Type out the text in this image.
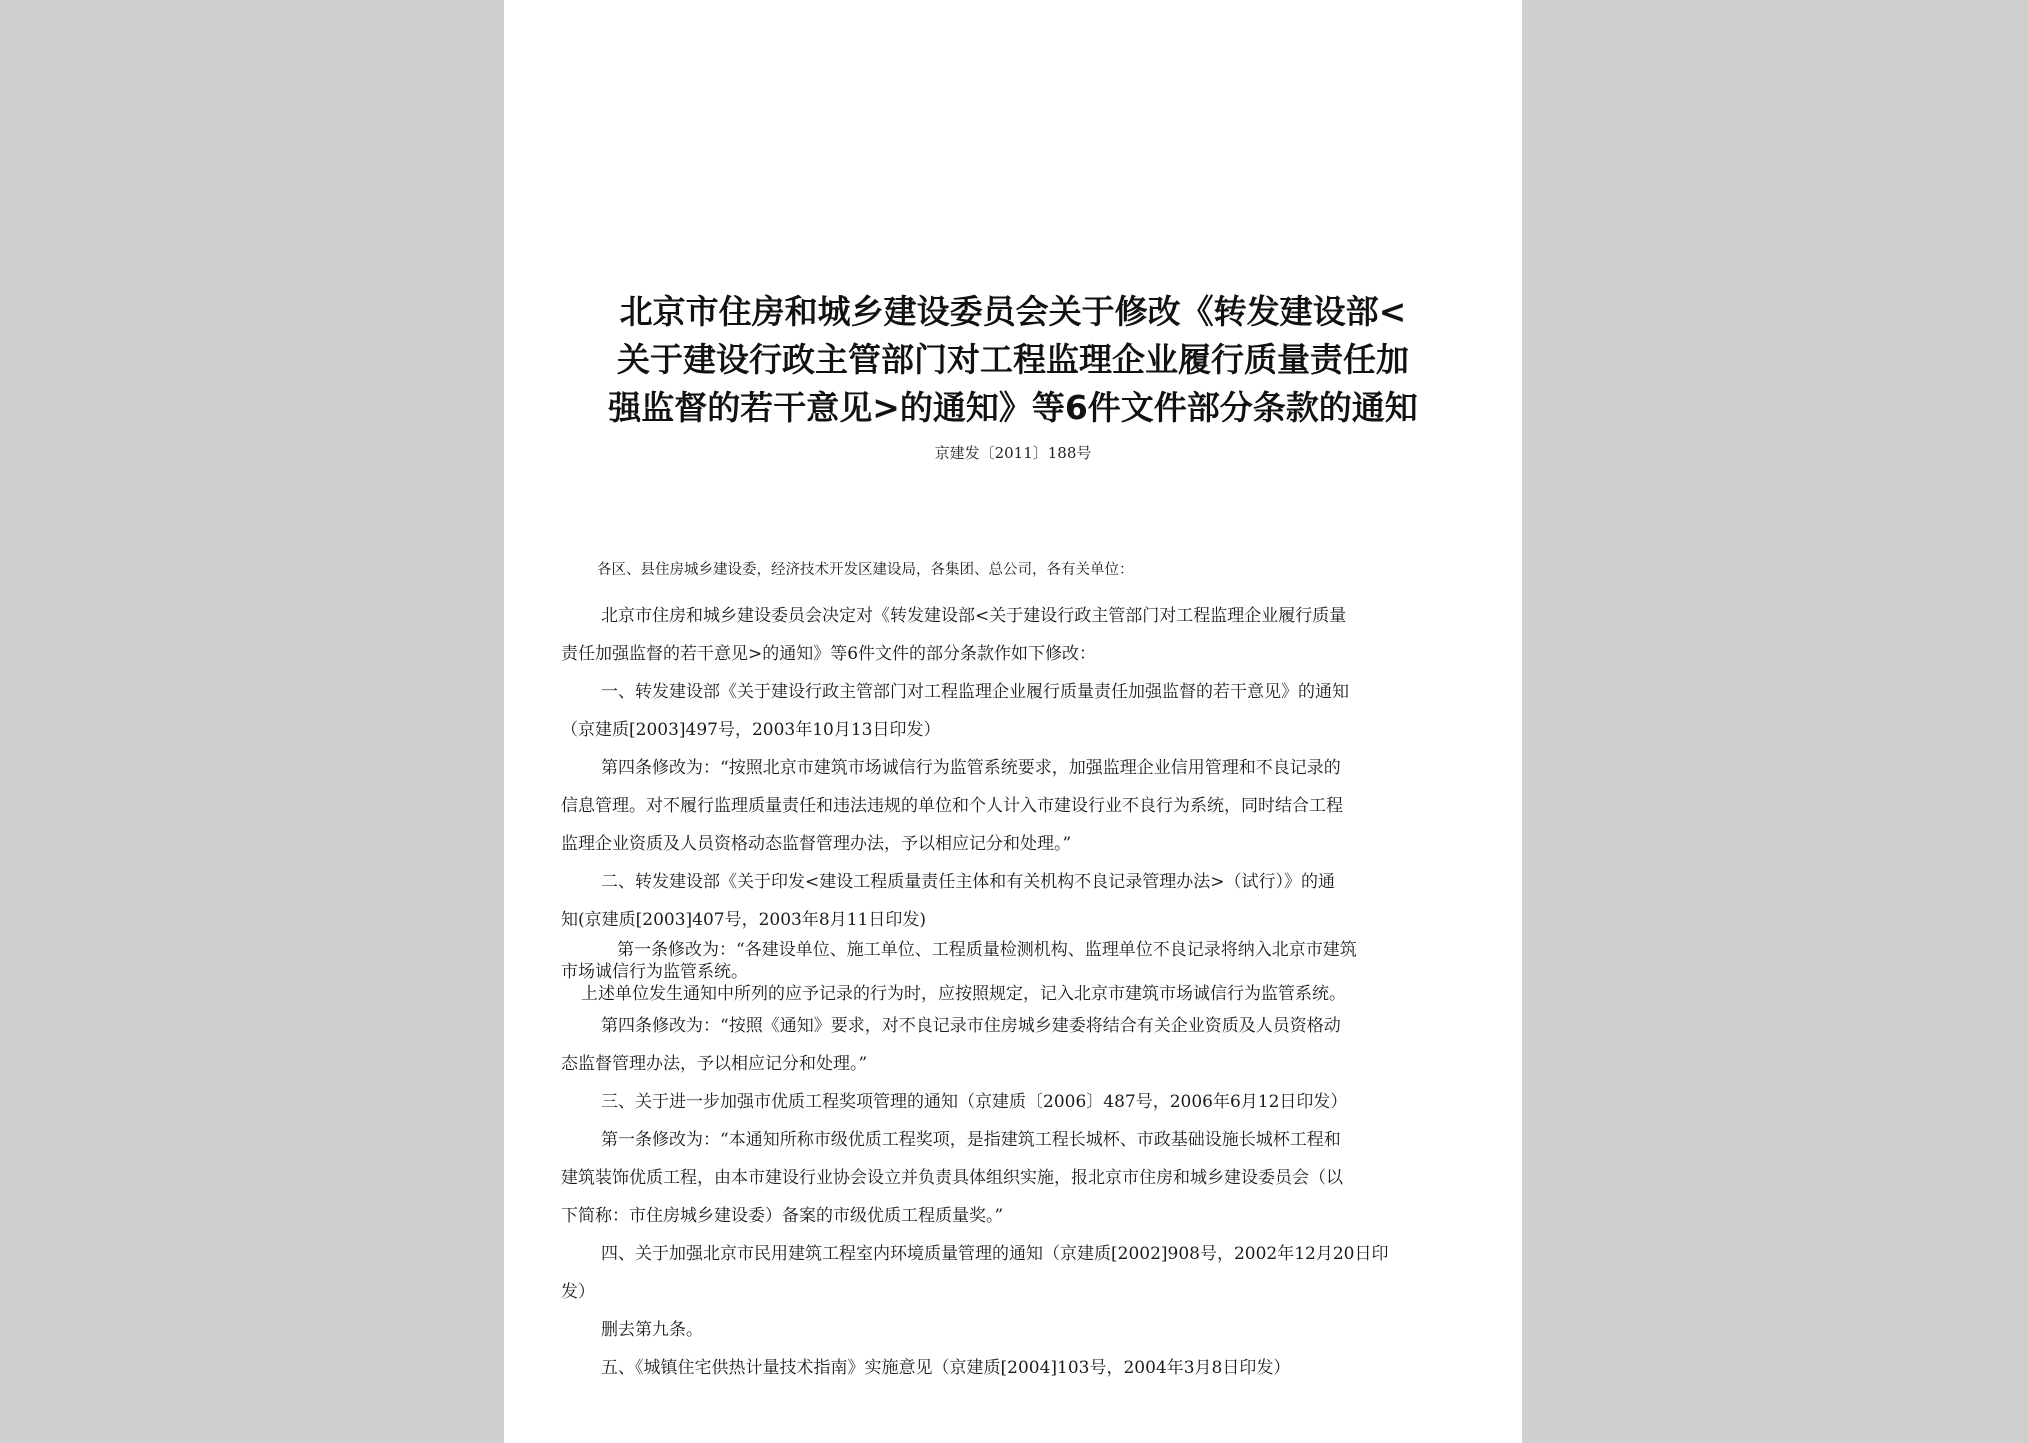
北京市住房和城乡建设委员会关于修改《转发建设部<
关于建设行政主管部门对工程监理企业履行质量责任加
强监督的若干意见>的通知》等6件文件部分条款的通知
京建发〔2011〕188号
各区、县住房城乡建设委，经济技术开发区建设局，各集团、总公司，各有关单位：
北京市住房和城乡建设委员会决定对《转发建设部<关于建设行政主管部门对工程监理企业履行质量
责任加强监督的若干意见>的通知》等6件文件的部分条款作如下修改：
一、转发建设部《关于建设行政主管部门对工程监理企业履行质量责任加强监督的若干意见》的通知
（京建质[2003]497号，2003年10月13日印发）
第四条修改为：“按照北京市建筑市场诚信行为监管系统要求，加强监理企业信用管理和不良记录的
信息管理。对不履行监理质量责任和违法违规的单位和个人计入市建设行业不良行为系统，同时结合工程
监理企业资质及人员资格动态监督管理办法，予以相应记分和处理。”
二、转发建设部《关于印发<建设工程质量责任主体和有关机构不良记录管理办法>（试行）》的通
知(京建质[2003]407号，2003年8月11日印发)
第一条修改为：“各建设单位、施工单位、工程质量检测机构、监理单位不良记录将纳入北京市建筑
市场诚信行为监管系统。
上述单位发生通知中所列的应予记录的行为时，应按照规定，记入北京市建筑市场诚信行为监管系统。
第四条修改为：“按照《通知》要求，对不良记录市住房城乡建委将结合有关企业资质及人员资格动
态监督管理办法，予以相应记分和处理。”
三、关于进一步加强市优质工程奖项管理的通知（京建质〔2006〕487号，2006年6月12日印发）
第一条修改为：“本通知所称市级优质工程奖项，是指建筑工程长城杯、市政基础设施长城杯工程和
建筑装饰优质工程，由本市建设行业协会设立并负责具体组织实施，报北京市住房和城乡建设委员会（以
下简称：市住房城乡建设委）备案的市级优质工程质量奖。”
四、关于加强北京市民用建筑工程室内环境质量管理的通知（京建质[2002]908号，2002年12月20日印
发）
删去第九条。
五、《城镇住宅供热计量技术指南》实施意见（京建质[2004]103号，2004年3月8日印发）
